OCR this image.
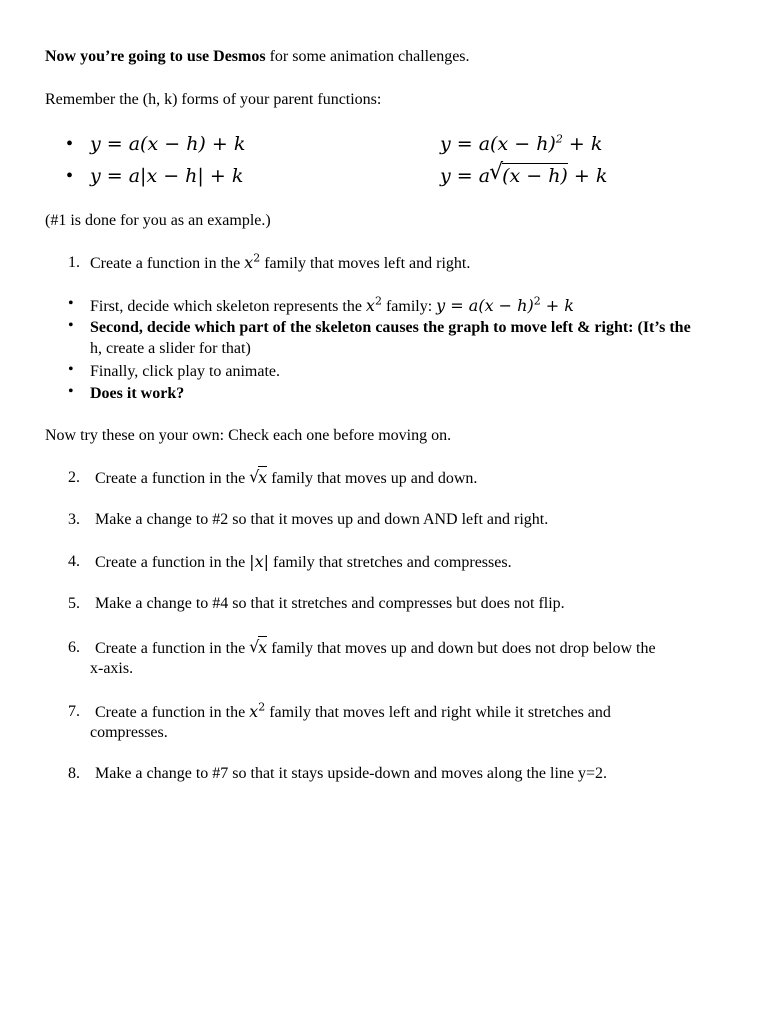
Now you’re going to use Desmos for some animation challenges.
Remember the (h, k) forms of your parent functions:
• y = a(x − h) + k
• y = a|x − h| + k
$y = a(x - h)^2 + k$
y = a √
(x − h) + k
(#1 is done for you as an example.)
1. Create a function in the $x^2$ family that moves left and right.
• First, decide which skeleton represents the $x^2$ family: $y = a(x - h)^2 + k$
• Second, decide which part of the skeleton causes the graph to move left & right: (It’s the
h, create a slider for that)
• Finally, click play to animate.
• Does it work?
Now try these on your own: Check each one before moving on.
2. Create a function in the √
x family that moves up and down.
3. Make a change to #2 so that it moves up and down AND left and right.
4. Create a function in the |x| family that stretches and compresses.
5. Make a change to #4 so that it stretches and compresses but does not flip.
6. Create a function in the √
x family that moves up and down but does not drop below the
x-axis.
7. Create a function in the $x^2$ family that moves left and right while it stretches and
compresses.
8. Make a change to #7 so that it stays upside-down and moves along the line y=2.
